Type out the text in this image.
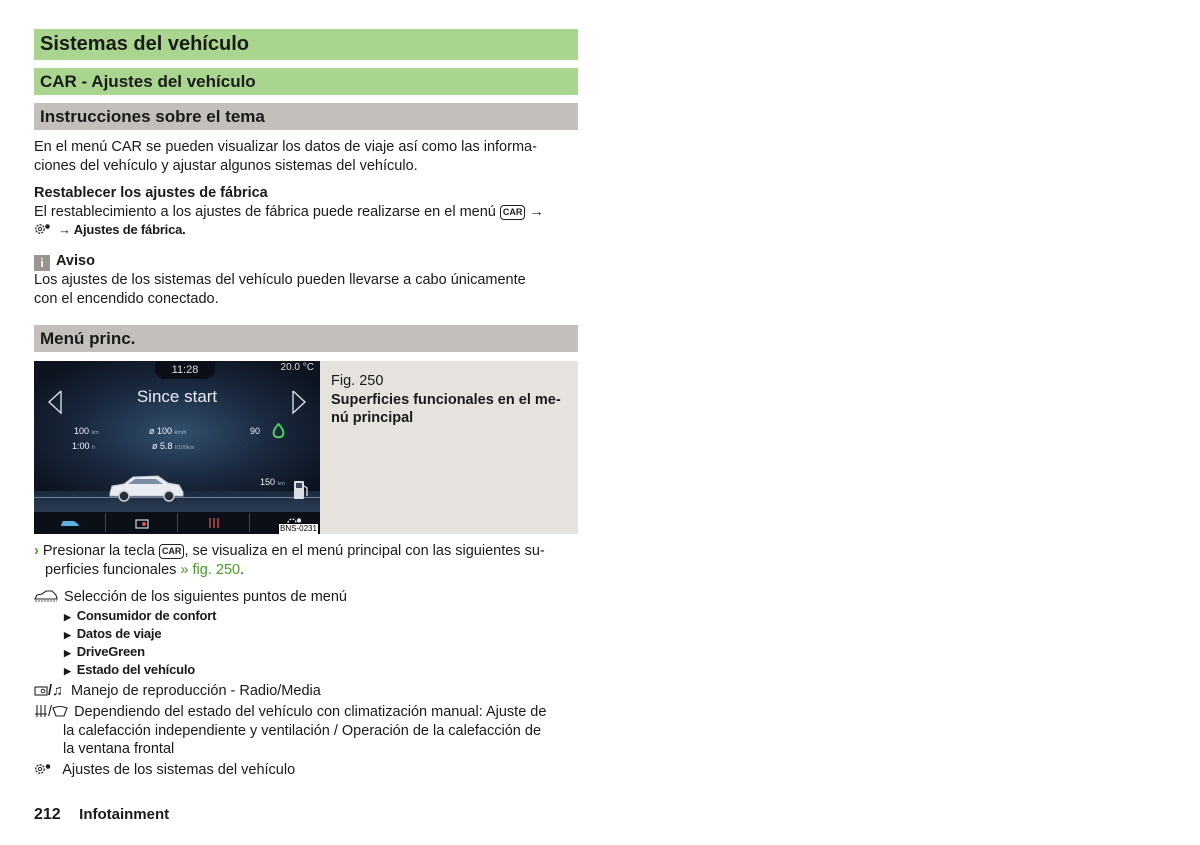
Sistemas del vehículo
CAR - Ajustes del vehículo
Instrucciones sobre el tema
En el menú CAR se pueden visualizar los datos de viaje así como las informa-
ciones del vehículo y ajustar algunos sistemas del vehículo.
Restablecer los ajustes de fábrica
El restablecimiento a los ajustes de fábrica puede realizarse en el menú CAR →
→ Ajustes de fábrica.
i Aviso
Los ajustes de los sistemas del vehículo pueden llevarse a cabo únicamente
con el encendido conectado.
Menú princ.
11:28	20.0 °C
Since start
100 km	ø 100 km/h	90
1:00 h	ø 5.8 l/100km
150 km
BNS-0231
Fig. 250
Superficies funcionales en el me-
nú principal
› Presionar la tecla CAR , se visualiza en el menú principal con las siguientes su-
perficies funcionales » fig. 250.
Selección de los siguientes puntos de menú
▶ Consumidor de confort
▶ Datos de viaje
▶ DriveGreen
▶ Estado del vehículo
/♫ Manejo de reproducción - Radio/Media
/ Dependiendo del estado del vehículo con climatización manual: Ajuste de
la calefacción independiente y ventilación / Operación de la calefacción de
la ventana frontal
Ajustes de los sistemas del vehículo
212 Infotainment
